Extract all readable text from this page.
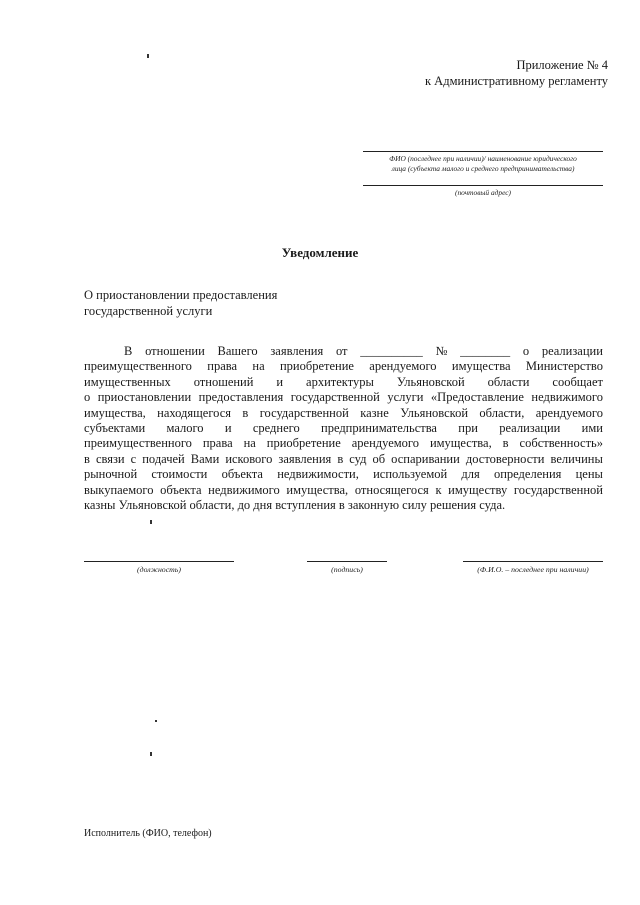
Приложение № 4
к Административному регламенту
ФИО (последнее при наличии)/ наименование юридического
лица (субъекта малого и среднего предпринимательства)
(почтовый адрес)
Уведомление
О приостановлении предоставления
государственной услуги
В отношении Вашего заявления от __________ № ________ о реализации
преимущественного права на приобретение арендуемого имущества Министерство
имущественных отношений и архитектуры Ульяновской области сообщает
о приостановлении предоставления государственной услуги «Предоставление недвижимого
имущества, находящегося в государственной казне Ульяновской области, арендуемого
субъектами малого и среднего предпринимательства при реализации ими
преимущественного права на приобретение арендуемого имущества, в собственность»
в связи с подачей Вами искового заявления в суд об оспаривании достоверности величины
рыночной стоимости объекта недвижимости, используемой для определения цены
выкупаемого объекта недвижимого имущества, относящегося к имуществу государственной
казны Ульяновской области, до дня вступления в законную силу решения суда.
(должность)	(подпись)	(Ф.И.О. – последнее при наличии)
Исполнитель (ФИО, телефон)
